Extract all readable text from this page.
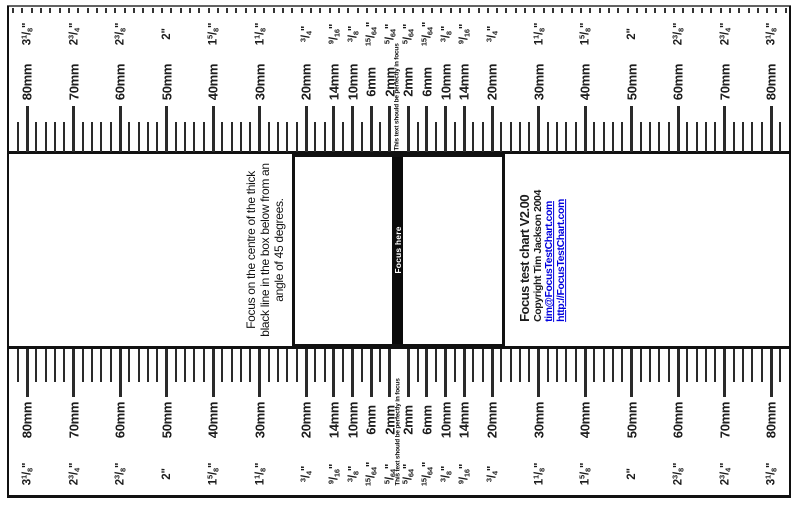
80mm
80mm
$3^1/_8$"
$3^1/_8$"
80mm
80mm
$3^1/_8$"
$3^1/_8$"
70mm
70mm
$2^3/_4$"
$2^3/_4$"
70mm
70mm
$2^3/_4$"
$2^3/_4$"
60mm
60mm
$2^3/_8$"
$2^3/_8$"
60mm
60mm
$2^3/_8$"
$2^3/_8$"
50mm
50mm
2"
2"
50mm
50mm
2"
2"
40mm
40mm
$1^5/_8$"
$1^5/_8$"
40mm
40mm
$1^5/_8$"
$1^5/_8$"
30mm
30mm
$1^1/_8$"
$1^1/_8$"
30mm
30mm
$1^1/_8$"
$1^1/_8$"
20mm
20mm
$^3/_4$"
$^3/_4$"
20mm
20mm
$^3/_4$"
$^3/_4$"
14mm
14mm
$^9/_{16}$"
$^9/_{16}$"
14mm
14mm
$^9/_{16}$"
$^9/_{16}$"
10mm
10mm
$^3/_8$"
$^3/_8$"
10mm
10mm
$^3/_8$"
$^3/_8$"
6mm
6mm
$^{15}/_{64}$"
$^{15}/_{64}$"
6mm
6mm
$^{15}/_{64}$"
$^{15}/_{64}$"
2mm
2mm
$^5/_{64}$"
$^5/_{64}$"
2mm
2mm
$^5/_{64}$"
$^5/_{64}$"
This text should be perfectly in focus
This text should be perfectly in focus
Focus on the centre of the thick black line in the box below from an angle of 45 degrees.	Focus here	Focus test chart V2.00 Copyright Tim Jackson 2004 tim@FocusTestChart.com http://FocusTestChart.com
